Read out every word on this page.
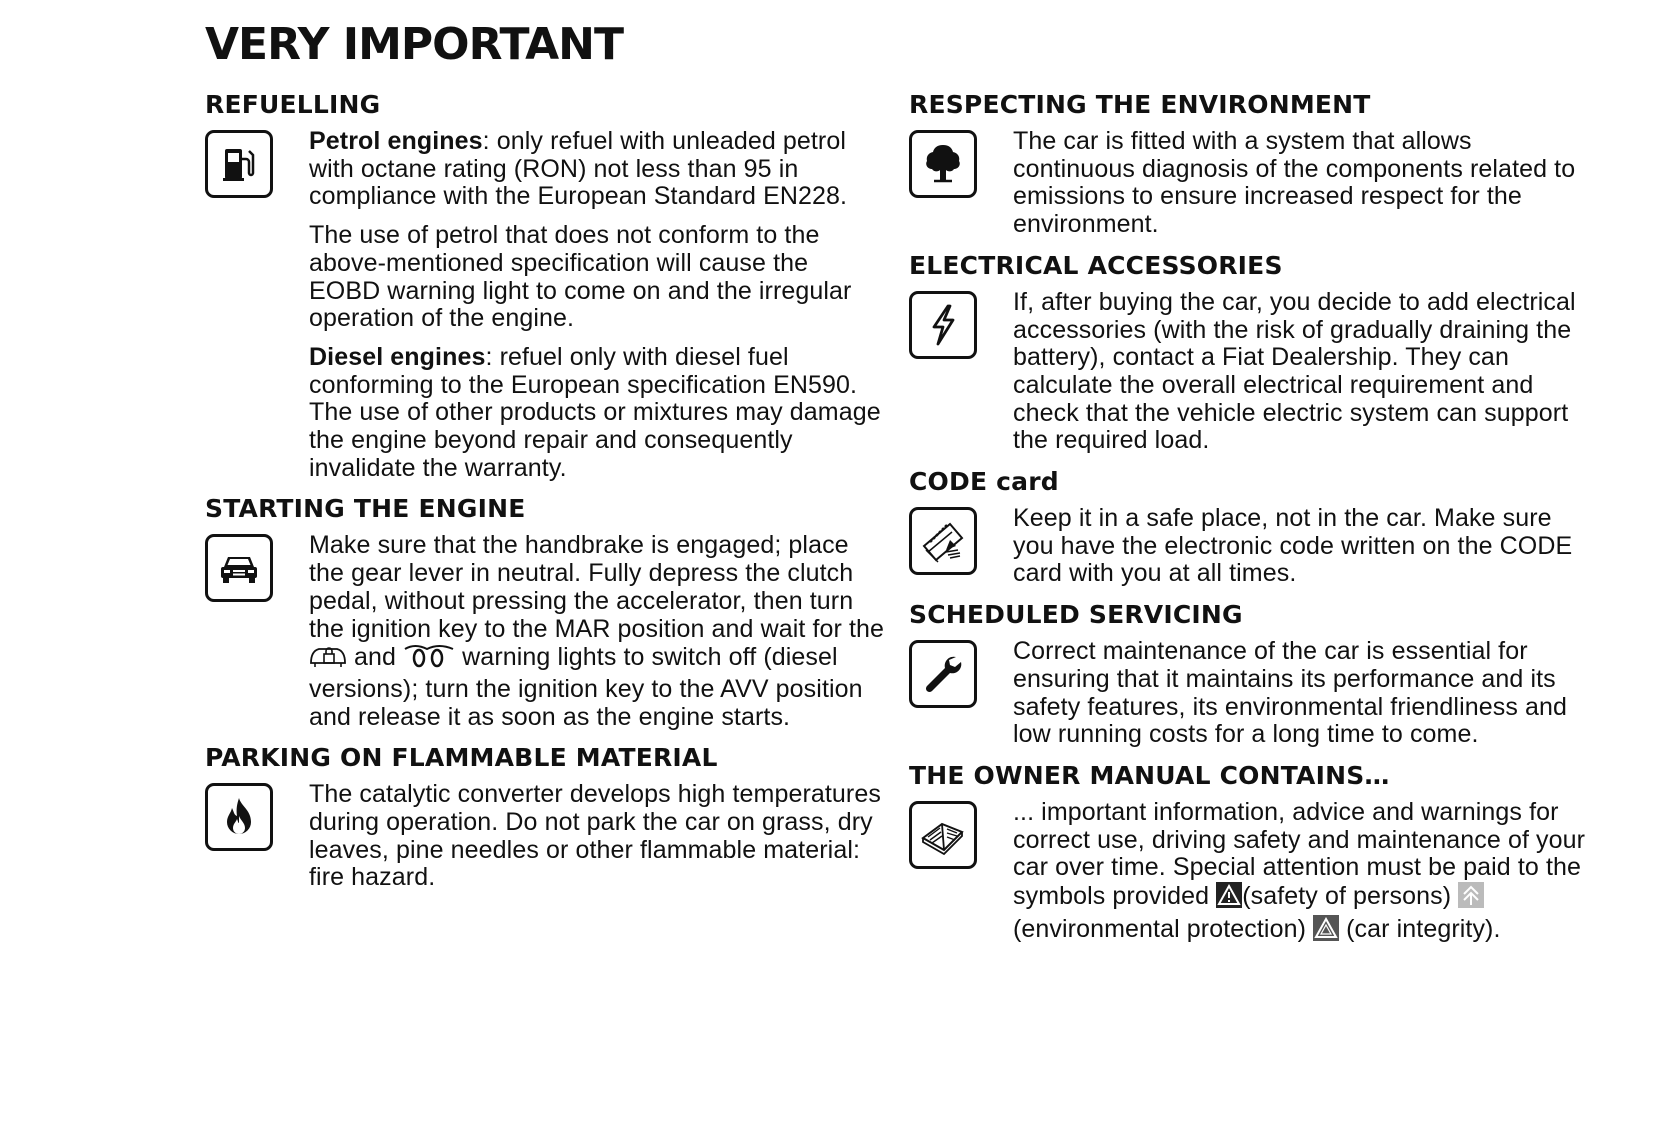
VERY IMPORTANT
REFUELLING

Petrol engines: only refuel with unleaded petrol with octane rating (RON) not less than 95 in compliance with the European Standard EN228.

The use of petrol that does not conform to the above-mentioned specification will cause the EOBD warning light to come on and the irregular operation of the engine.

Diesel engines: refuel only with diesel fuel conforming to the European specification EN590. The use of other products or mixtures may damage the engine beyond repair and consequently invalidate the warranty.

STARTING THE ENGINE

Make sure that the handbrake is engaged; place the gear lever in neutral. Fully depress the clutch pedal, without pressing the accelerator, then turn the ignition key to the MAR position and wait for the  and	warning lights to switch off (diesel versions); turn the ignition key to the AVV position and release it as soon as the engine starts.

PARKING ON FLAMMABLE MATERIAL

The catalytic converter develops high temperatures during operation. Do not park the car on grass, dry leaves, pine needles or other flammable material: fire hazard.

RESPECTING THE ENVIRONMENT

The car is fitted with a system that allows continuous diagnosis of the components related to emissions to ensure increased respect for the environment.

ELECTRICAL ACCESSORIES

If, after buying the car, you decide to add electrical accessories (with the risk of gradually draining the battery), contact a Fiat Dealership. They can calculate the overall electrical requirement and check that the vehicle electric system can support the required load.

CODE card

Keep it in a safe place, not in the car. Make sure you have the electronic code written on the CODE card with you at all times.

SCHEDULED SERVICING

Correct maintenance of the car is essential for ensuring that it maintains its performance and its safety features, its environmental friendliness and low running costs for a long time to come.

THE OWNER MANUAL CONTAINS…

... important information, advice and warnings for correct use, driving safety and maintenance of your car over time. Special attention must be paid to the symbols provided (safety of persons)  (environmental protection) (car integrity).
